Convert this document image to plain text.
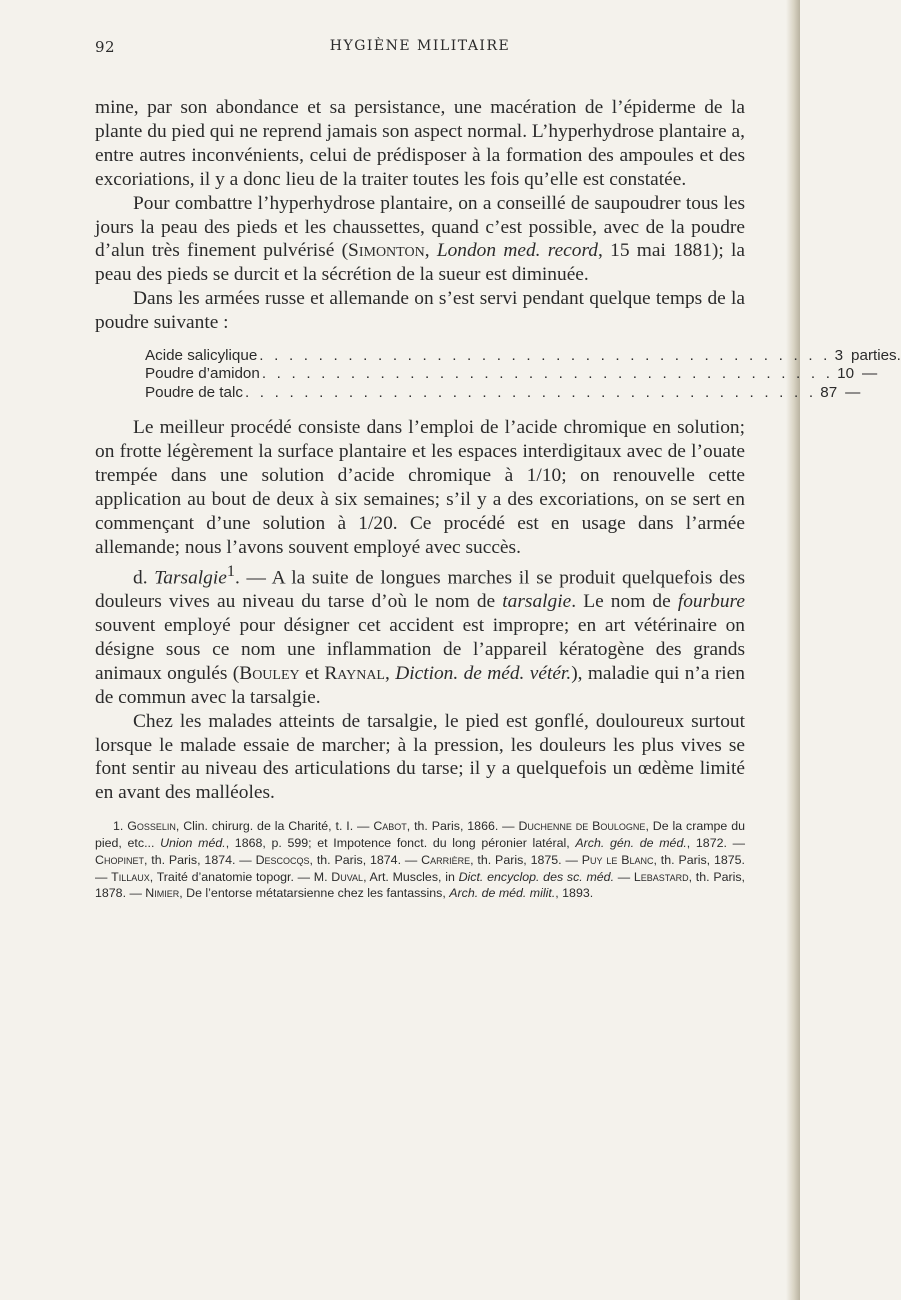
92	HYGIÈNE MILITAIRE

mine, par son abondance et sa persistance, une macération de l’épiderme de la plante du pied qui ne reprend jamais son aspect normal. L’hyperhydrose plantaire a, entre autres inconvénients, celui de prédisposer à la formation des ampoules et des excoriations, il y a donc lieu de la traiter toutes les fois qu’elle est constatée.

Pour combattre l’hyperhydrose plantaire, on a conseillé de saupoudrer tous les jours la peau des pieds et les chaussettes, quand c’est possible, avec de la poudre d’alun très finement pulvérisé (Simonton, London med. record, 15 mai 1881); la peau des pieds se durcit et la sécrétion de la sueur est diminuée.

Dans les armées russe et allemande on s’est servi pendant quelque temps de la poudre suivante :

Acide salicylique . . . . . . . . . . . . . . . . . . . . . . . . . . . . . . . . . . . . . . . 3 parties.
Poudre d’amidon . . . . . . . . . . . . . . . . . . . . . . . . . . . . . . . . . . . . . . . 10 —
Poudre de talc . . . . . . . . . . . . . . . . . . . . . . . . . . . . . . . . . . . . . . . 87 —

Le meilleur procédé consiste dans l’emploi de l’acide chromique en solution; on frotte légèrement la surface plantaire et les espaces interdigitaux avec de l’ouate trempée dans une solution d’acide chromique à 1/10; on renouvelle cette application au bout de deux à six semaines; s’il y a des excoriations, on se sert en commençant d’une solution à 1/20. Ce procédé est en usage dans l’armée allemande; nous l’avons souvent employé avec succès.

d. Tarsalgie$^1$. — A la suite de longues marches il se produit quelquefois des douleurs vives au niveau du tarse d’où le nom de tarsalgie. Le nom de fourbure souvent employé pour désigner cet accident est impropre; en art vétérinaire on désigne sous ce nom une inflammation de l’appareil kératogène des grands animaux ongulés (Bouley et Raynal, Diction. de méd. vétér.), maladie qui n’a rien de commun avec la tarsalgie.

Chez les malades atteints de tarsalgie, le pied est gonflé, douloureux surtout lorsque le malade essaie de marcher; à la pression, les douleurs les plus vives se font sentir au niveau des articulations du tarse; il y a quelquefois un œdème limité en avant des malléoles.

1. Gosselin, Clin. chirurg. de la Charité, t. I. — Cabot, th. Paris, 1866. — Duchenne de Boulogne, De la crampe du pied, etc... Union méd., 1868, p. 599; et Impotence fonct. du long péronier latéral, Arch. gén. de méd., 1872. — Chopinet, th. Paris, 1874. — Descocqs, th. Paris, 1874. — Carrière, th. Paris, 1875. — Puy le Blanc, th. Paris, 1875. — Tillaux, Traité d’anatomie topogr. — M. Duval, Art. Muscles, in Dict. encyclop. des sc. méd. — Lebastard, th. Paris, 1878. — Nimier, De l’entorse métatarsienne chez les fantassins, Arch. de méd. milit., 1893.
